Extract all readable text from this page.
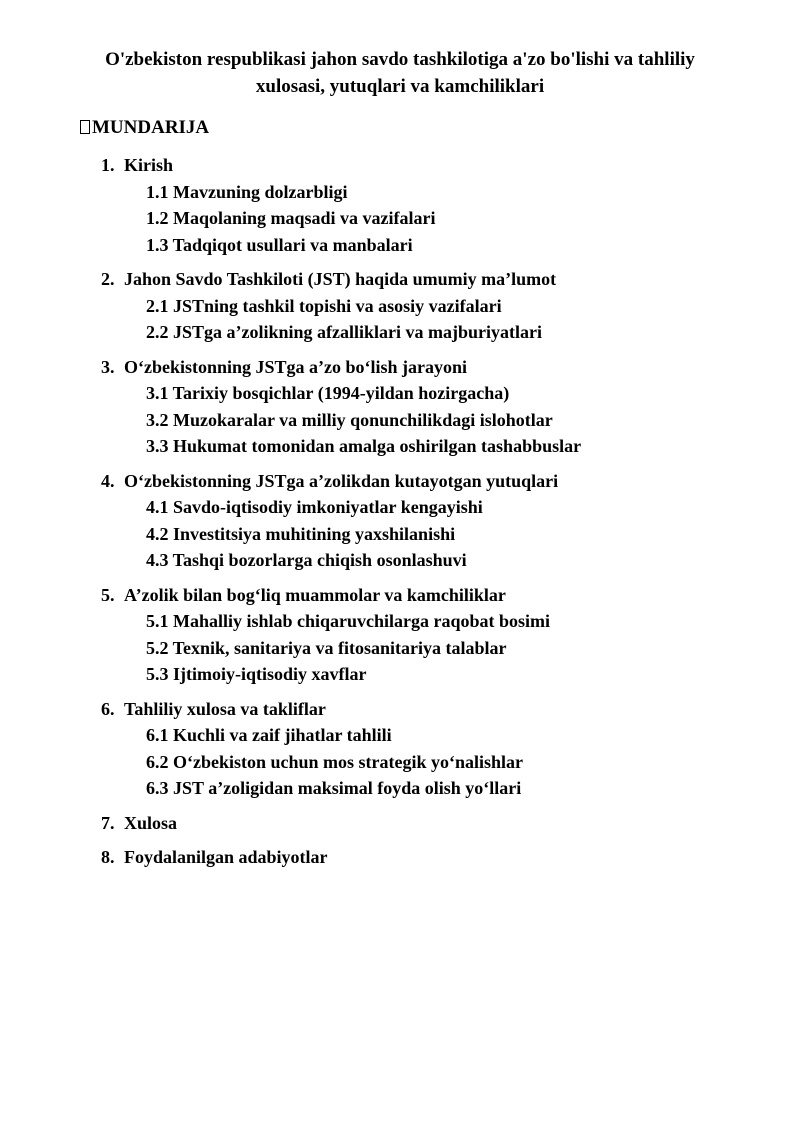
O'zbekiston respublikasi jahon savdo tashkilotiga a'zo bo'lishi va tahliliy
xulosasi, yutuqlari va kamchiliklari
MUNDARIJA
1. Kirish
1.1 Mavzuning dolzarbligi
1.2 Maqolaning maqsadi va vazifalari
1.3 Tadqiqot usullari va manbalari
2. Jahon Savdo Tashkiloti (JST) haqida umumiy ma’lumot
2.1 JSTning tashkil topishi va asosiy vazifalari
2.2 JSTga a’zolikning afzalliklari va majburiyatlari
3. O‘zbekistonning JSTga a’zo bo‘lish jarayoni
3.1 Tarixiy bosqichlar (1994-yildan hozirgacha)
3.2 Muzokaralar va milliy qonunchilikdagi islohotlar
3.3 Hukumat tomonidan amalga oshirilgan tashabbuslar
4. O‘zbekistonning JSTga a’zolikdan kutayotgan yutuqlari
4.1 Savdo-iqtisodiy imkoniyatlar kengayishi
4.2 Investitsiya muhitining yaxshilanishi
4.3 Tashqi bozorlarga chiqish osonlashuvi
5. A’zolik bilan bog‘liq muammolar va kamchiliklar
5.1 Mahalliy ishlab chiqaruvchilarga raqobat bosimi
5.2 Texnik, sanitariya va fitosanitariya talablar
5.3 Ijtimoiy-iqtisodiy xavflar
6. Tahliliy xulosa va takliflar
6.1 Kuchli va zaif jihatlar tahlili
6.2 O‘zbekiston uchun mos strategik yo‘nalishlar
6.3 JST a’zoligidan maksimal foyda olish yo‘llari
7. Xulosa
8. Foydalanilgan adabiyotlar
